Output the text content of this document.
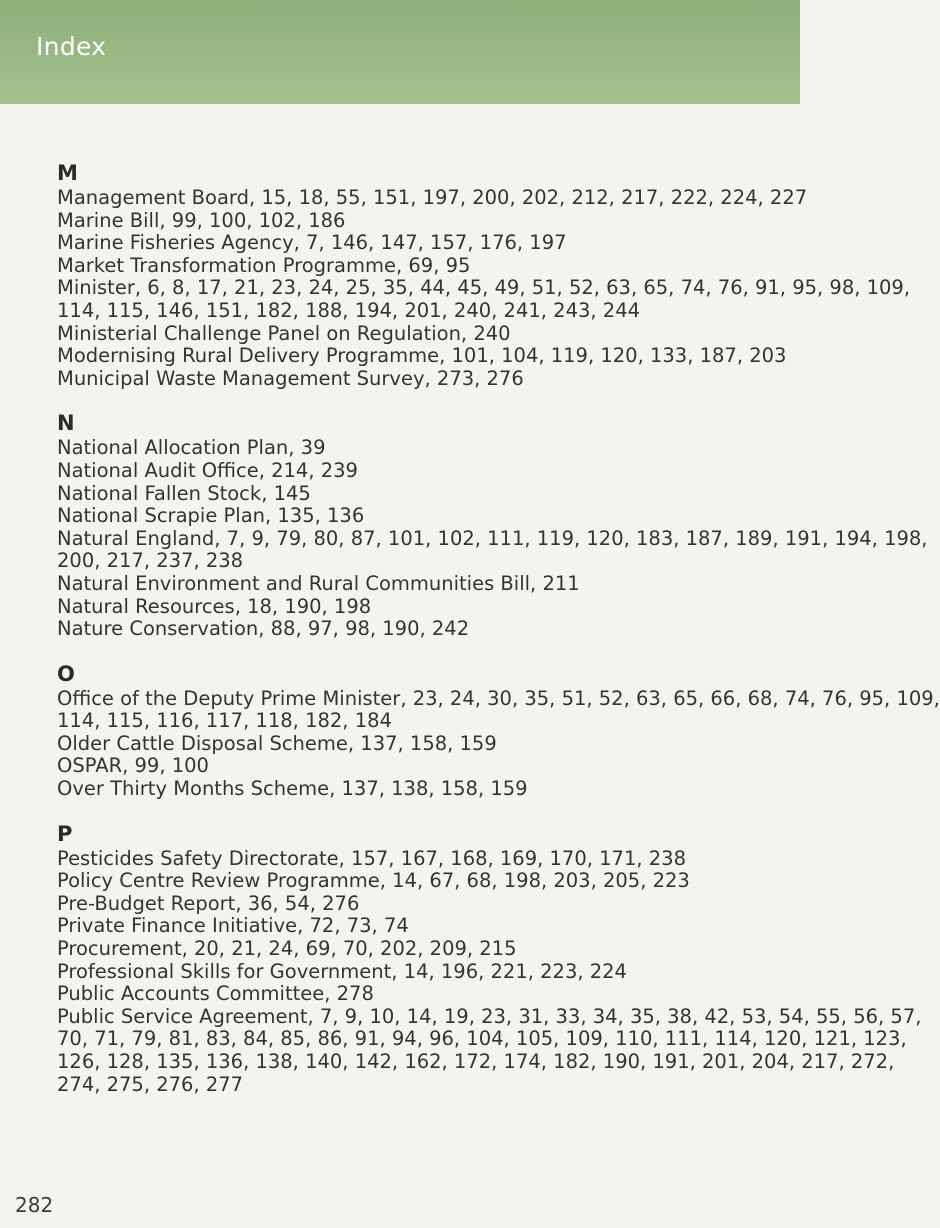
Index
M
Management Board, 15, 18, 55, 151, 197, 200, 202, 212, 217, 222, 224, 227
Marine Bill, 99, 100, 102, 186
Marine Fisheries Agency, 7, 146, 147, 157, 176, 197
Market Transformation Programme, 69, 95
Minister, 6, 8, 17, 21, 23, 24, 25, 35, 44, 45, 49, 51, 52, 63, 65, 74, 76, 91, 95, 98, 109,
114, 115, 146, 151, 182, 188, 194, 201, 240, 241, 243, 244
Ministerial Challenge Panel on Regulation, 240
Modernising Rural Delivery Programme, 101, 104, 119, 120, 133, 187, 203
Municipal Waste Management Survey, 273, 276
N
National Allocation Plan, 39
National Audit Office, 214, 239
National Fallen Stock, 145
National Scrapie Plan, 135, 136
Natural England, 7, 9, 79, 80, 87, 101, 102, 111, 119, 120, 183, 187, 189, 191, 194, 198,
200, 217, 237, 238
Natural Environment and Rural Communities Bill, 211
Natural Resources, 18, 190, 198
Nature Conservation, 88, 97, 98, 190, 242
O
Office of the Deputy Prime Minister, 23, 24, 30, 35, 51, 52, 63, 65, 66, 68, 74, 76, 95, 109,
114, 115, 116, 117, 118, 182, 184
Older Cattle Disposal Scheme, 137, 158, 159
OSPAR, 99, 100
Over Thirty Months Scheme, 137, 138, 158, 159
P
Pesticides Safety Directorate, 157, 167, 168, 169, 170, 171, 238
Policy Centre Review Programme, 14, 67, 68, 198, 203, 205, 223
Pre-Budget Report, 36, 54, 276
Private Finance Initiative, 72, 73, 74
Procurement, 20, 21, 24, 69, 70, 202, 209, 215
Professional Skills for Government, 14, 196, 221, 223, 224
Public Accounts Committee, 278
Public Service Agreement, 7, 9, 10, 14, 19, 23, 31, 33, 34, 35, 38, 42, 53, 54, 55, 56, 57,
70, 71, 79, 81, 83, 84, 85, 86, 91, 94, 96, 104, 105, 109, 110, 111, 114, 120, 121, 123,
126, 128, 135, 136, 138, 140, 142, 162, 172, 174, 182, 190, 191, 201, 204, 217, 272,
274, 275, 276, 277
282
